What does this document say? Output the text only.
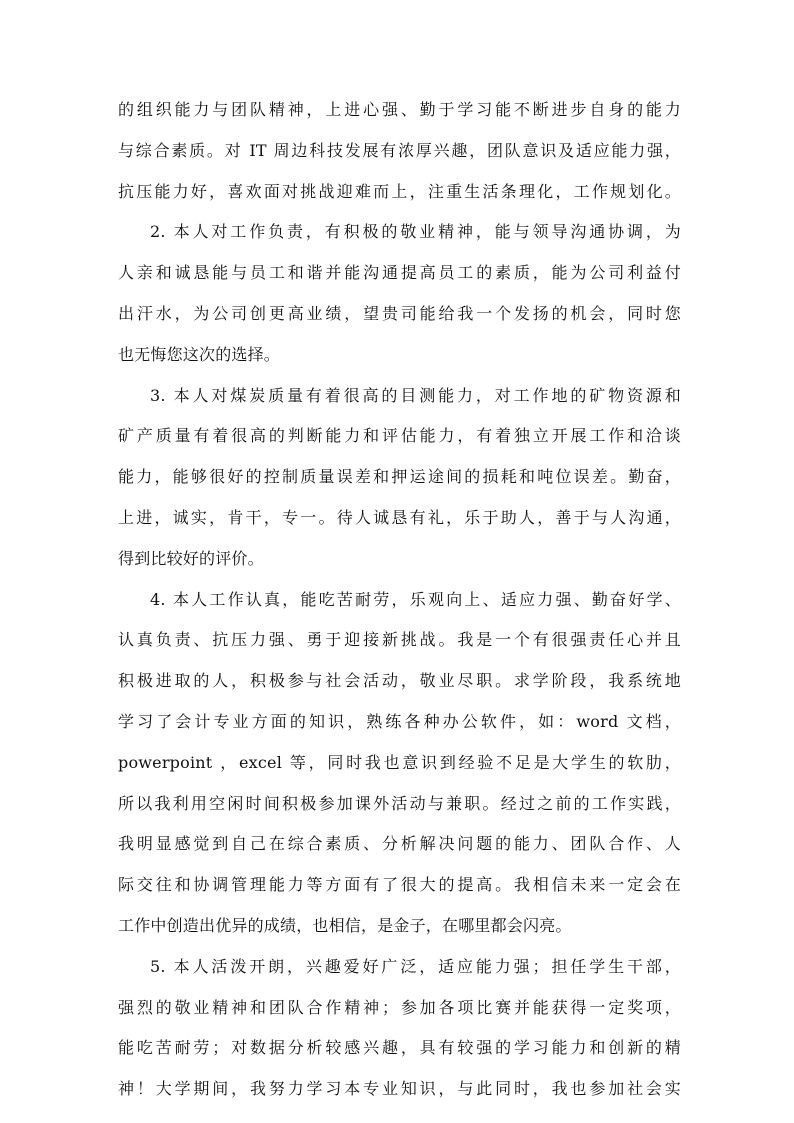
的组织能力与团队精神，上进心强、勤于学习能不断进步自身的能力
与综合素质。对 IT 周边科技发展有浓厚兴趣，团队意识及适应能力强，
抗压能力好，喜欢面对挑战迎难而上，注重生活条理化，工作规划化。
2. 本人对工作负责，有积极的敬业精神，能与领导沟通协调，为
人亲和诚恳能与员工和谐并能沟通提高员工的素质，能为公司利益付
出汗水，为公司创更高业绩，望贵司能给我一个发扬的机会，同时您
也无悔您这次的选择。
3. 本人对煤炭质量有着很高的目测能力，对工作地的矿物资源和
矿产质量有着很高的判断能力和评估能力，有着独立开展工作和洽谈
能力，能够很好的控制质量误差和押运途间的损耗和吨位误差。勤奋，
上进，诚实，肯干，专一。待人诚恳有礼，乐于助人，善于与人沟通，
得到比较好的评价。
4. 本人工作认真，能吃苦耐劳，乐观向上、适应力强、勤奋好学、
认真负责、抗压力强、勇于迎接新挑战。我是一个有很强责任心并且
积极进取的人，积极参与社会活动，敬业尽职。求学阶段，我系统地
学习了会计专业方面的知识，熟练各种办公软件，如：word 文档，
powerpoint ，excel 等，同时我也意识到经验不足是大学生的软肋，
所以我利用空闲时间积极参加课外活动与兼职。经过之前的工作实践，
我明显感觉到自己在综合素质、分析解决问题的能力、团队合作、人
际交往和协调管理能力等方面有了很大的提高。我相信未来一定会在
工作中创造出优异的成绩，也相信，是金子，在哪里都会闪亮。
5. 本人活泼开朗，兴趣爱好广泛，适应能力强；担任学生干部，
强烈的敬业精神和团队合作精神；参加各项比赛并能获得一定奖项，
能吃苦耐劳；对数据分析较感兴趣，具有较强的学习能力和创新的精
神！大学期间，我努力学习本专业知识，与此同时，我也参加社会实
